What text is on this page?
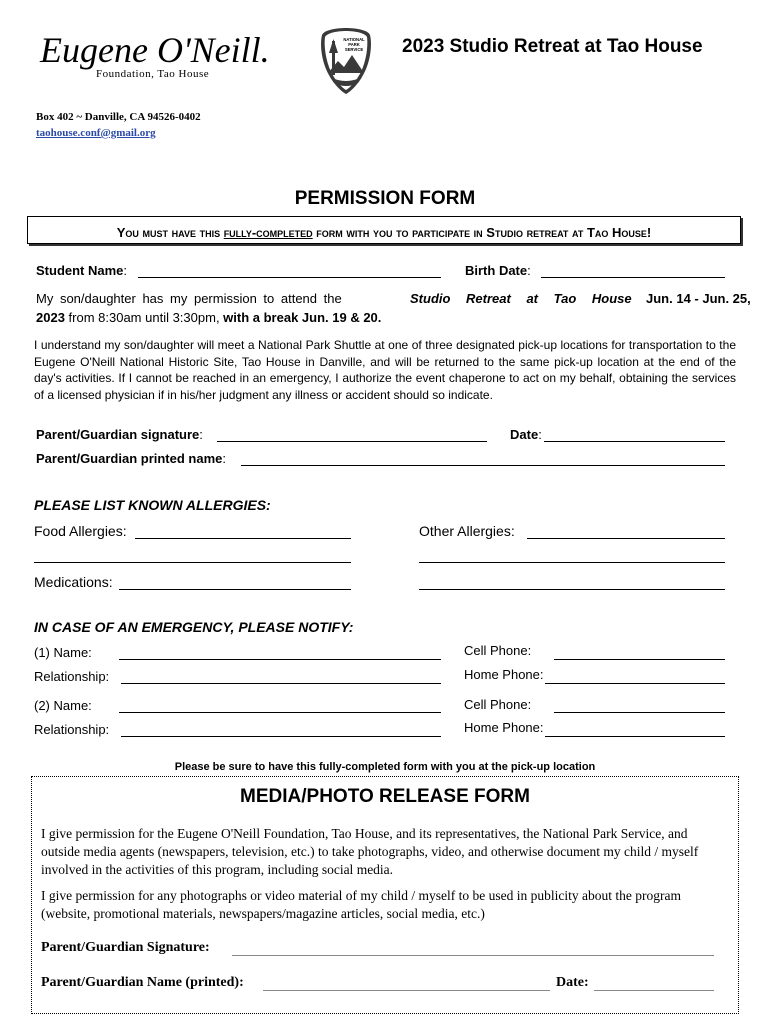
Eugene O'Neill.
Foundation, Tao House
NATIONAL
PARK
SERVICE 2023 Studio Retreat at Tao House
Box 402 ~ Danville, CA 94526-0402
taohouse.conf@gmail.org
PERMISSION FORM
You must have this fully-completed form with you to participate in Studio retreat at Tao House!
Student Name:	Birth Date:
My son/daughter has my permission to attend the	Studio Retreat at Tao House Jun. 14 - Jun. 25,
2023 from 8:30am until 3:30pm, with a break Jun. 19 & 20.
I understand my son/daughter will meet a National Park Shuttle at one of three designated pick-up locations for transportation to the Eugene O'Neill National Historic Site, Tao House in Danville, and will be returned to the same pick-up location at the end of the day's activities. If I cannot be reached in an emergency, I authorize the event chaperone to act on my behalf, obtaining the services of a licensed physician if in his/her judgment any illness or accident should so indicate.
Parent/Guardian signature:	Date:
Parent/Guardian printed name:
PLEASE LIST KNOWN ALLERGIES:
Food Allergies:	Other Allergies:
Medications:
IN CASE OF AN EMERGENCY, PLEASE NOTIFY:
(1) Name:	Cell Phone:
Relationship:	Home Phone:
(2) Name:	Cell Phone:
Relationship:	Home Phone:
Please be sure to have this fully-completed form with you at the pick-up location
MEDIA/PHOTO RELEASE FORM
I give permission for the Eugene O'Neill Foundation, Tao House, and its representatives, the National Park Service, and outside media agents (newspapers, television, etc.) to take photographs, video, and otherwise document my child / myself involved in the activities of this program, including social media.
I give permission for any photographs or video material of my child / myself to be used in publicity about the program (website, promotional materials, newspapers/magazine articles, social media, etc.)
Parent/Guardian Signature:
Parent/Guardian Name (printed):	Date:
